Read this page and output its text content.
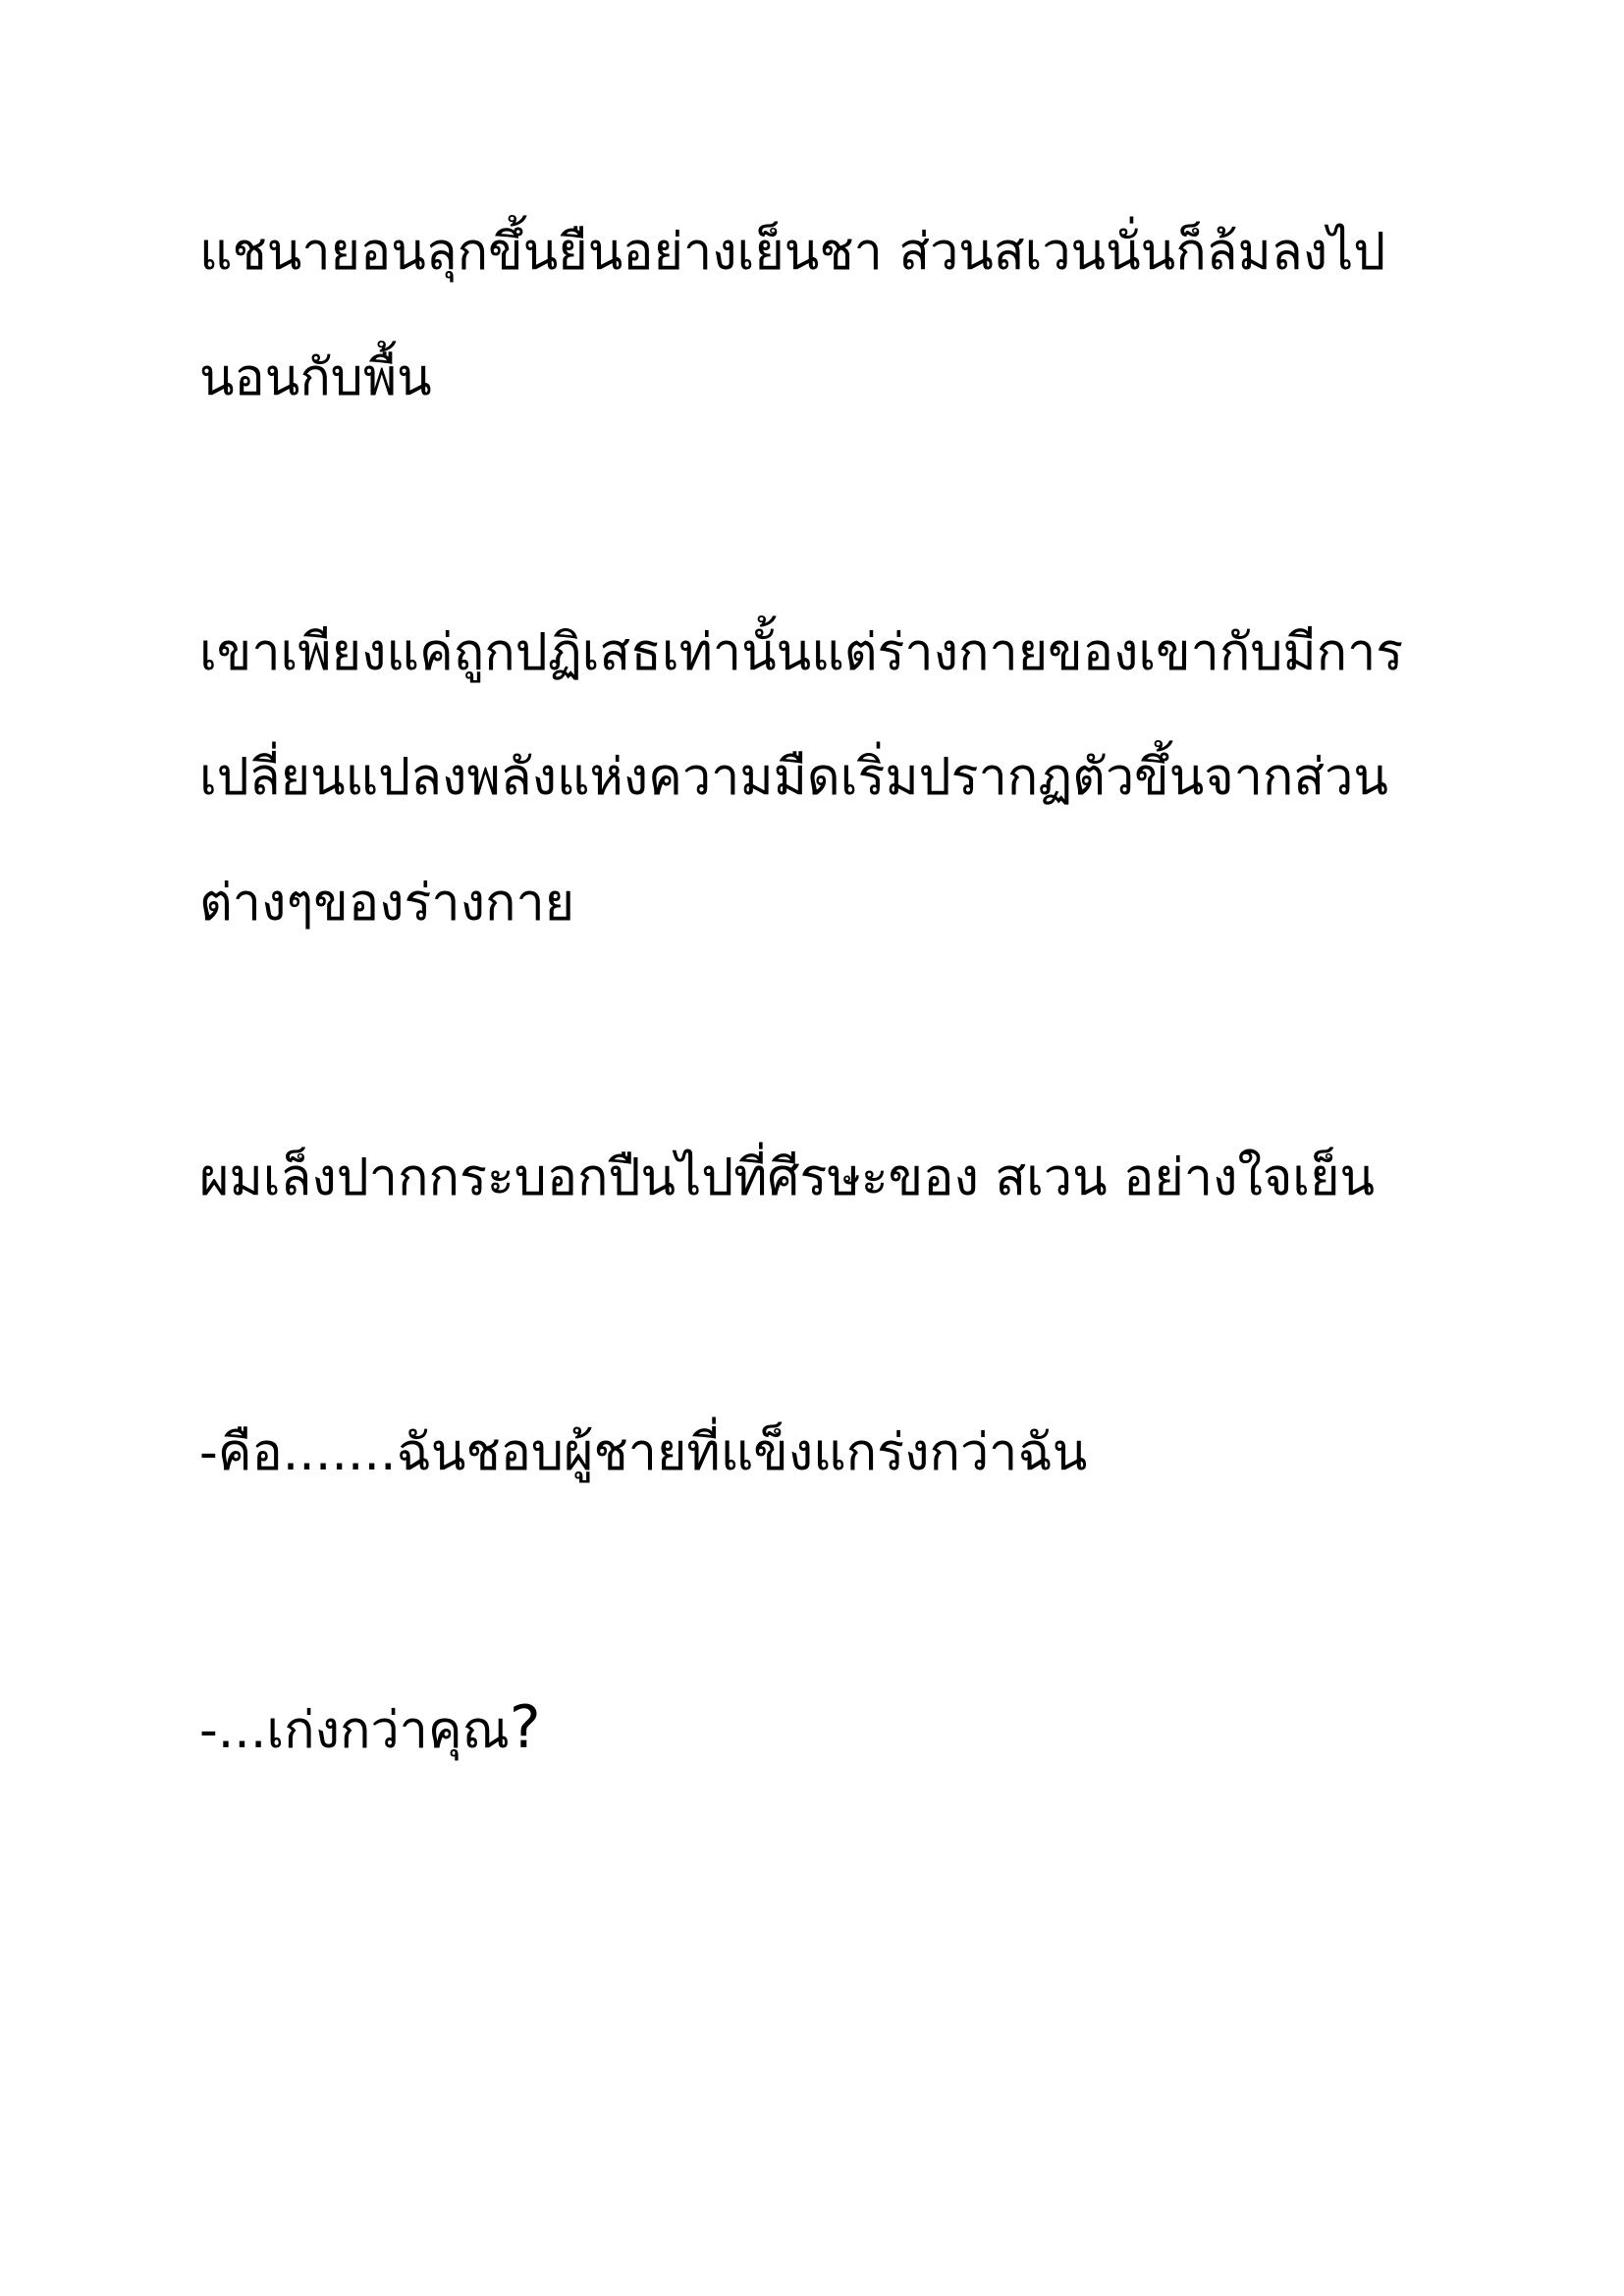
แชนายอนลุกขึ้นยืนอย่างเย็นชา ส่วนสเวนนั่นก็ล้มลงไป
นอนกับพื้น
เขาเพียงแค่ถูกปฏิเสธเท่านั้นแต่ร่างกายของเขากับมีการ
เปลี่ยนแปลงพลังแห่งความมืดเริ่มปรากฏตัวขึ้นจากส่วน
ต่างๆของร่างกาย
ผมเล็งปากกระบอกปืนไปที่ศีรษะของ สเวน อย่างใจเย็น
-คือ.......ฉันชอบผู้ชายที่แข็งแกร่งกว่าฉัน
-...เก่งกว่าคุณ?
